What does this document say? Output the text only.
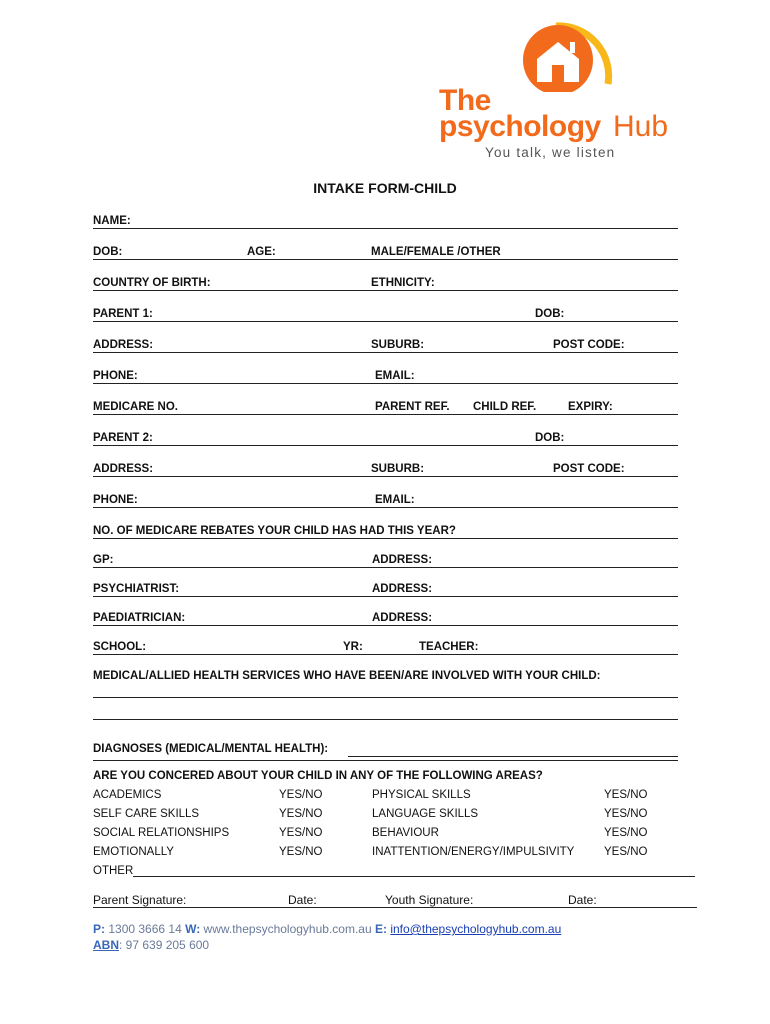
The
psychology Hub
You talk, we listen
INTAKE FORM-CHILD
NAME:
DOB:	AGE:	MALE/FEMALE /OTHER
COUNTRY OF BIRTH:	ETHNICITY:
PARENT 1:	DOB:
ADDRESS:	SUBURB:	POST CODE:
PHONE:	EMAIL:
MEDICARE NO.	PARENT REF. CHILD REF.	EXPIRY:
PARENT 2:	DOB:
ADDRESS:	SUBURB:	POST CODE:
PHONE:	EMAIL:
NO. OF MEDICARE REBATES YOUR CHILD HAS HAD THIS YEAR?
GP:	ADDRESS:
PSYCHIATRIST:	ADDRESS:
PAEDIATRICIAN:	ADDRESS:
SCHOOL:	YR:	TEACHER:
MEDICAL/ALLIED HEALTH SERVICES WHO HAVE BEEN/ARE INVOLVED WITH YOUR CHILD:
DIAGNOSES (MEDICAL/MENTAL HEALTH):
ARE YOU CONCERED ABOUT YOUR CHILD IN ANY OF THE FOLLOWING AREAS?
ACADEMICS	YES/NO	PHYSICAL SKILLS	YES/NO
SELF CARE SKILLS	YES/NO	LANGUAGE SKILLS	YES/NO
SOCIAL RELATIONSHIPS	YES/NO	BEHAVIOUR	YES/NO
EMOTIONALLY	YES/NO	INATTENTION/ENERGY/IMPULSIVITY	YES/NO
OTHER
Parent Signature:	Date:	Youth Signature:	Date:
P: 1300 3666 14 W: www.thepsychologyhub.com.au E: info@thepsychologyhub.com.au
ABN: 97 639 205 600
